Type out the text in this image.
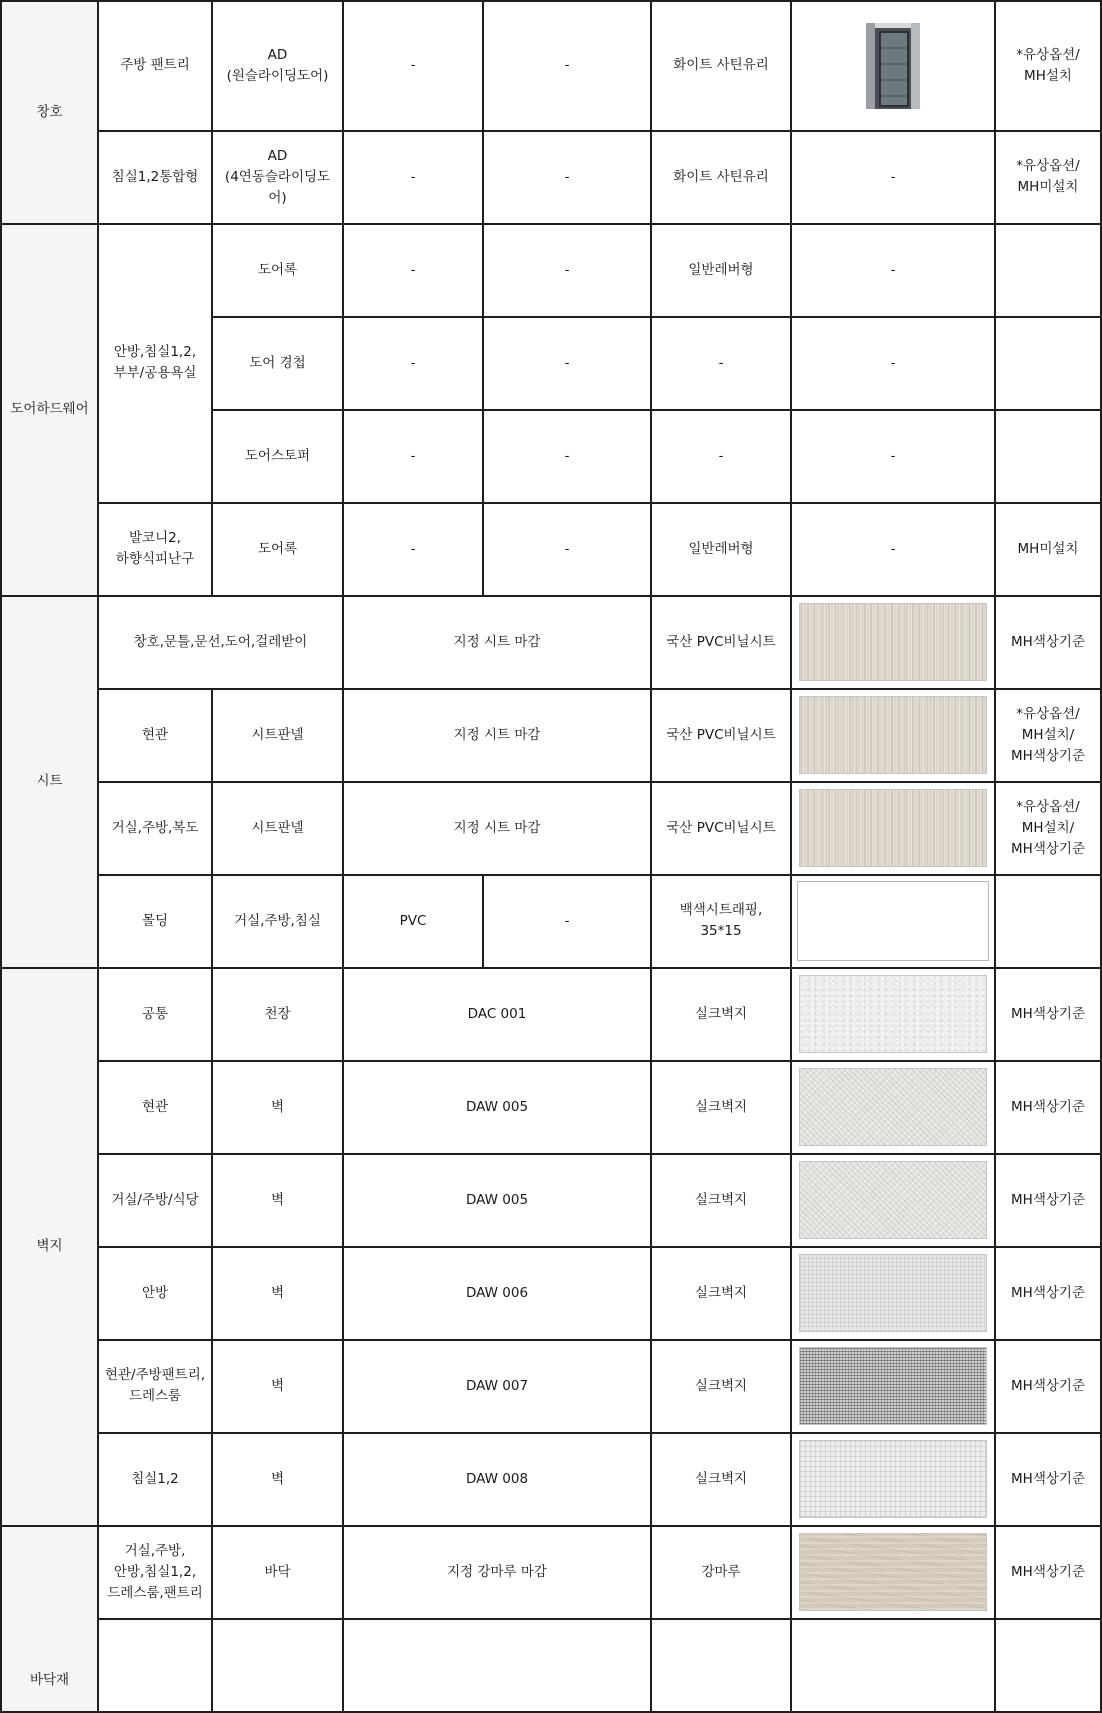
창호	주방 팬트리	AD
(원슬라이딩도어)	-	-	화이트 사틴유리		*유상옵션/
MH설치
	침실1,2통합형	AD
(4연동슬라이딩도어)	-	-	화이트 사틴유리	-	*유상옵션/
MH미설치
도어하드웨어	안방,침실1,2,
부부/공용욕실	도어록	-	-	일반레버형	-	
		도어 경첩	-	-	-	-	
		도어스토퍼	-	-	-	-	
	발코니2,
하향식피난구	도어록	-	-	일반레버형	-	MH미설치
시트	창호,문틀,문선,도어,걸레받이		지정 시트 마감		국산 PVC비닐시트		MH색상기준
	현관	시트판넬	지정 시트 마감		국산 PVC비닐시트		*유상옵션/
MH설치/
MH색상기준
	거실,주방,복도	시트판넬	지정 시트 마감		국산 PVC비닐시트		*유상옵션/
MH설치/
MH색상기준
	몰딩	거실,주방,침실	PVC	-	백색시트래핑,
35*15	

벽지	공통	천장	DAC 001		실크벽지		MH색상기준
	현관	벽	DAW 005		실크벽지		MH색상기준
	거실/주방/식당	벽	DAW 005		실크벽지		MH색상기준
	안방	벽	DAW 006		실크벽지		MH색상기준
	현관/주방팬트리,
드레스룸	벽	DAW 007		실크벽지		MH색상기준
	침실1,2	벽	DAW 008		실크벽지		MH색상기준
바닥재	거실,주방,
안방,침실1,2,
드레스룸,팬트리	바닥	지정 강마루 마감		강마루		MH색상기준
